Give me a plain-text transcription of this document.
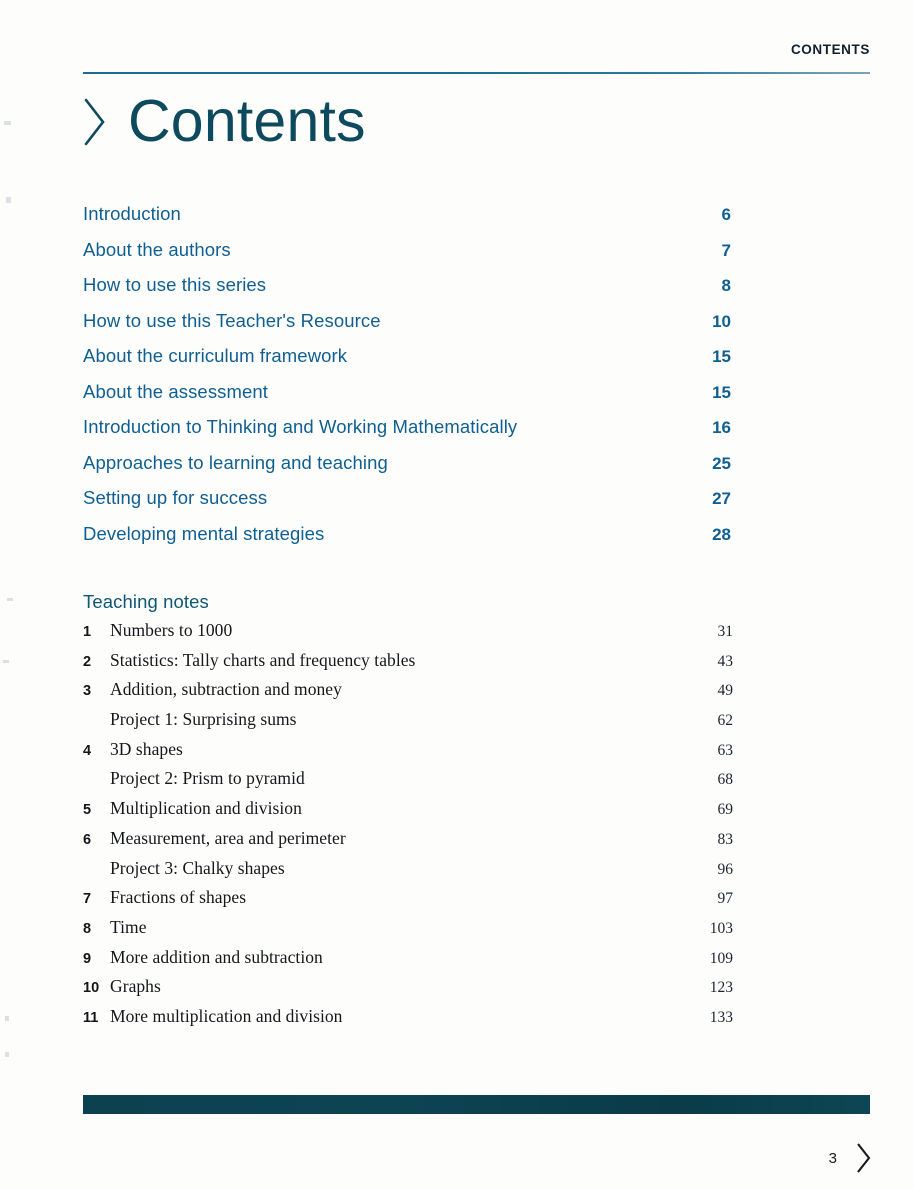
CONTENTS
Contents
Introduction	6
About the authors	7
How to use this series	8
How to use this Teacher's Resource	10
About the curriculum framework	15
About the assessment	15
Introduction to Thinking and Working Mathematically	16
Approaches to learning and teaching	25
Setting up for success	27
Developing mental strategies	28
Teaching notes
1	Numbers to 1000	31
2	Statistics: Tally charts and frequency tables	43
3	Addition, subtraction and money	49
Project 1: Surprising sums	62
4	3D shapes	63
Project 2: Prism to pyramid	68
5	Multiplication and division	69
6	Measurement, area and perimeter	83
Project 3: Chalky shapes	96
7	Fractions of shapes	97
8	Time	103
9	More addition and subtraction	109
10 Graphs	123
11 More multiplication and division	133
3
